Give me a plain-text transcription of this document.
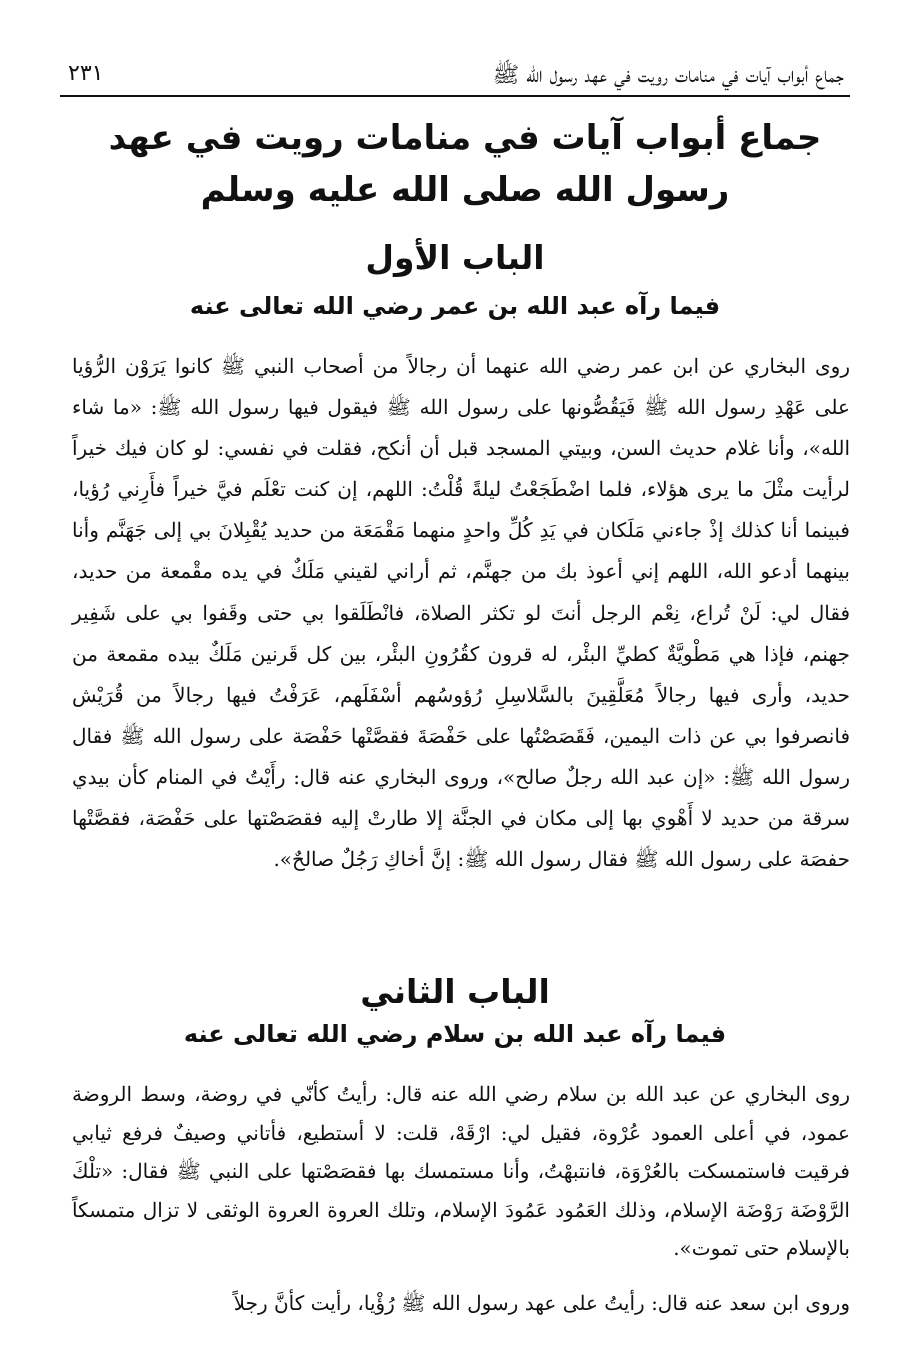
جماع أبواب آيات في منامات رويت في عهد رسول الله ﷺ
٢٣١
جماع أبواب آيات في منامات رويت في عهد رسول الله صلى الله عليه وسلم
الباب الأول
فيما رآه عبد الله بن عمر رضي الله تعالى عنه
روى البخاري عن ابن عمر رضي الله عنهما أن رجالاً من أصحاب النبي ﷺ كانوا يَرَوْن الرُّؤيا على عَهْدِ رسول الله ﷺ فَيَقُصُّونها على رسول الله ﷺ فيقول فيها رسول الله ﷺ: «ما شاء الله»، وأنا غلام حديث السن، وبيتي المسجد قبل أن أنكح، فقلت في نفسي: لو كان فيك خيراً لرأيت مثْلَ ما يرى هؤلاء، فلما اضْطَجَعْتُ ليلةً قُلْتُ: اللهم، إن كنت تعْلَم فيَّ خيراً فأَرِني رُؤيا، فبينما أنا كذلك إذْ جاءني مَلَكان في يَدِ كُلِّ واحدٍ منهما مَقْمَعَة من حديد يُقْبِلانَ بي إلى جَهَنَّم وأنا بينهما أدعو الله، اللهم إني أعوذ بك من جهنَّم، ثم أراني لقيني مَلَكٌ في يده مقْمعة من حديد، فقال لي: لَنْ تُراع، نِعْم الرجل أنتَ لو تكثر الصلاة، فانْطَلَقوا بي حتى وقَفوا بي على شَفِير جهنم، فإذا هي مَطْويَّةٌ كطيِّ البئْر، له قرون كقُرُونِ البئْر، بين كل قَرنين مَلَكٌ بيده مقمعة من حديد، وأرى فيها رجالاً مُعَلَّقِينَ بالسَّلاسِلِ رُؤوسُهم أسْفَلَهم، عَرَفْتُ فيها رجالاً من قُرَيْش فانصرفوا بي عن ذات اليمين، فَقَصَصْتُها على حَفْصَةَ فقصَّتْها حَفْصَة على رسول الله ﷺ فقال رسول الله ﷺ: «إن عبد الله رجلٌ صالح»، وروى البخاري عنه قال: رأَيْتُ في المنام كأن بيدي سرقة من حديد لا أَهْوي بها إلى مكان في الجنَّة إلا طارتْ إليه فقصَصْتها على حَفْصَة، فقصَّتْها حفصَة على رسول الله ﷺ فقال رسول الله ﷺ: إنَّ أخاكِ رَجُلٌ صالحٌ».
الباب الثاني
فيما رآه عبد الله بن سلام رضي الله تعالى عنه
روى البخاري عن عبد الله بن سلام رضي الله عنه قال: رأيتُ كأنّي في روضة، وسط الروضة عمود، في أعلى العمود عُرْوة، فقيل لي: ارْقَهْ، قلت: لا أستطيع، فأتاني وصيفٌ فرفع ثيابي فرقيت فاستمسكت بالعُرْوَة، فانتبهْتُ، وأنا مستمسك بها فقصَصْتها على النبي ﷺ فقال: «تلْكَ الرَّوْضَة رَوْضَة الإسلام، وذلك العَمُود عَمُودَ الإسلام، وتلك العروة العروة الوثقى لا تزال متمسكاً بالإسلام حتى تموت».
وروى ابن سعد عنه قال: رأيتُ على عهد رسول الله ﷺ رُؤْيا، رأيت كأنَّ رجلاً
